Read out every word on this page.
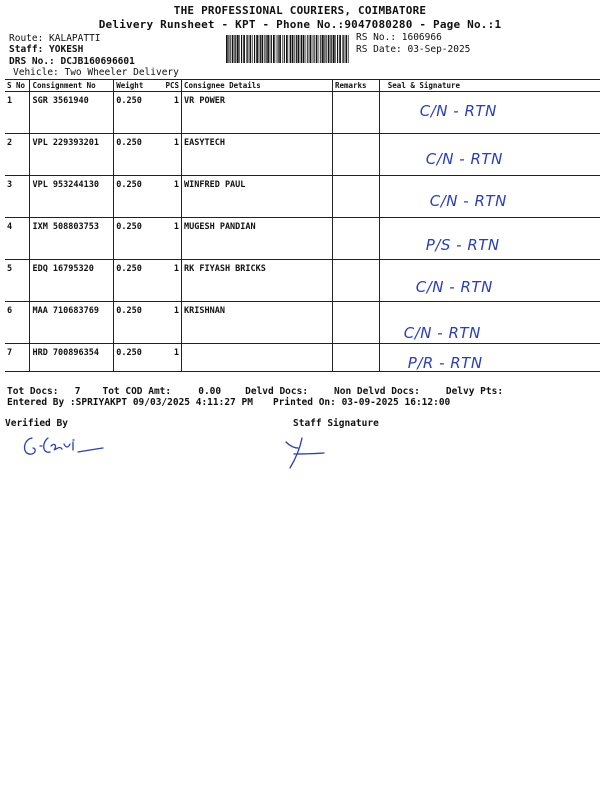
THE PROFESSIONAL COURIERS, COIMBATORE
Delivery Runsheet - KPT - Phone No.:9047080280 - Page No.:1
Route: KALAPATTI
Staff: YOKESH
DRS No.: DCJB160696601
Vehicle: Two Wheeler Delivery
RS No.: 1606966
RS Date: 03-Sep-2025
S No	Consignment No	Weight	PCS	Consignee Details	Remarks	Seal & Signature
1	SGR 3561940	0.250	1	VR POWER		C/N - RTN
2	VPL 229393201	0.250	1	EASYTECH		C/N - RTN
3	VPL 953244130	0.250	1	WINFRED PAUL		C/N - RTN
4	IXM 508803753	0.250	1	MUGESH PANDIAN		P/S - RTN
5	EDQ 16795320	0.250	1	RK FIYASH BRICKS		C/N - RTN
6	MAA 710683769	0.250	1	KRISHNAN		C/N - RTN
7	HRD 700896354	0.250	1			P/R - RTN
Tot Docs: 7 Tot COD Amt:	0.00	Delvd Docs:	Non Delvd Docs:	Delvy Pts:
Entered By :SPRIYAKPT 09/03/2025 4:11:27 PM Printed On: 03-09-2025 16:12:00
Verified By	Staff Signature
